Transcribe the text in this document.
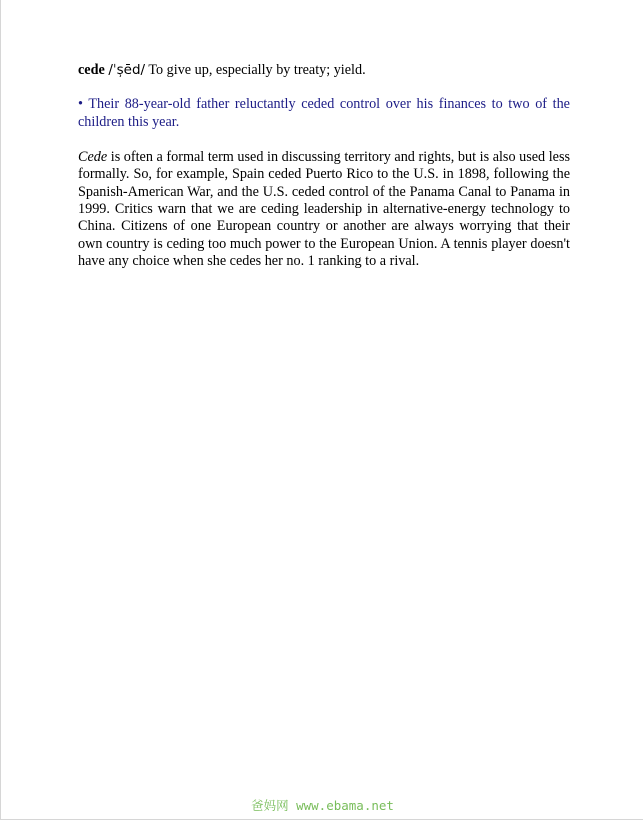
cede /ˈs̹ēd/ To give up, especially by treaty; yield.

• Their 88-year-old father reluctantly ceded control over his finances to two of the children this year.

Cede is often a formal term used in discussing territory and rights, but is also used less formally. So, for example, Spain ceded Puerto Rico to the U.S. in 1898, following the Spanish-American War, and the U.S. ceded control of the Panama Canal to Panama in 1999. Critics warn that we are ceding leadership in alternative-energy technology to China. Citizens of one European country or another are always worrying that their own country is ceding too much power to the European Union. A tennis player doesn't have any choice when she cedes her no. 1 ranking to a rival.

爸妈网 www.ebama.net
